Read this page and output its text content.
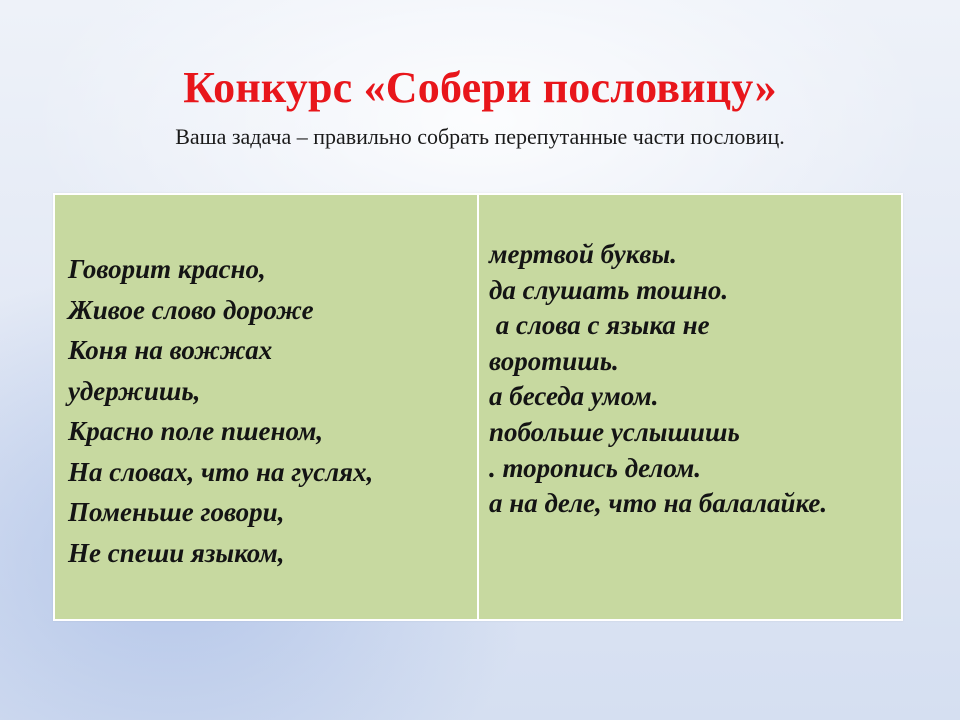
Конкурс «Собери пословицу»
Ваша задача – правильно собрать перепутанные части пословиц.
Говорит красно,
Живое слово дороже
Коня на вожжах
удержишь,
Красно поле пшеном,
На словах, что на гуслях,
Поменьше говори,
Не спеши языком,
мертвой буквы.
да слушать тошно.
а слова с языка не
воротишь.
а беседа умом.
побольше услышишь
. торопись делом.
а на деле, что на балалайке.
